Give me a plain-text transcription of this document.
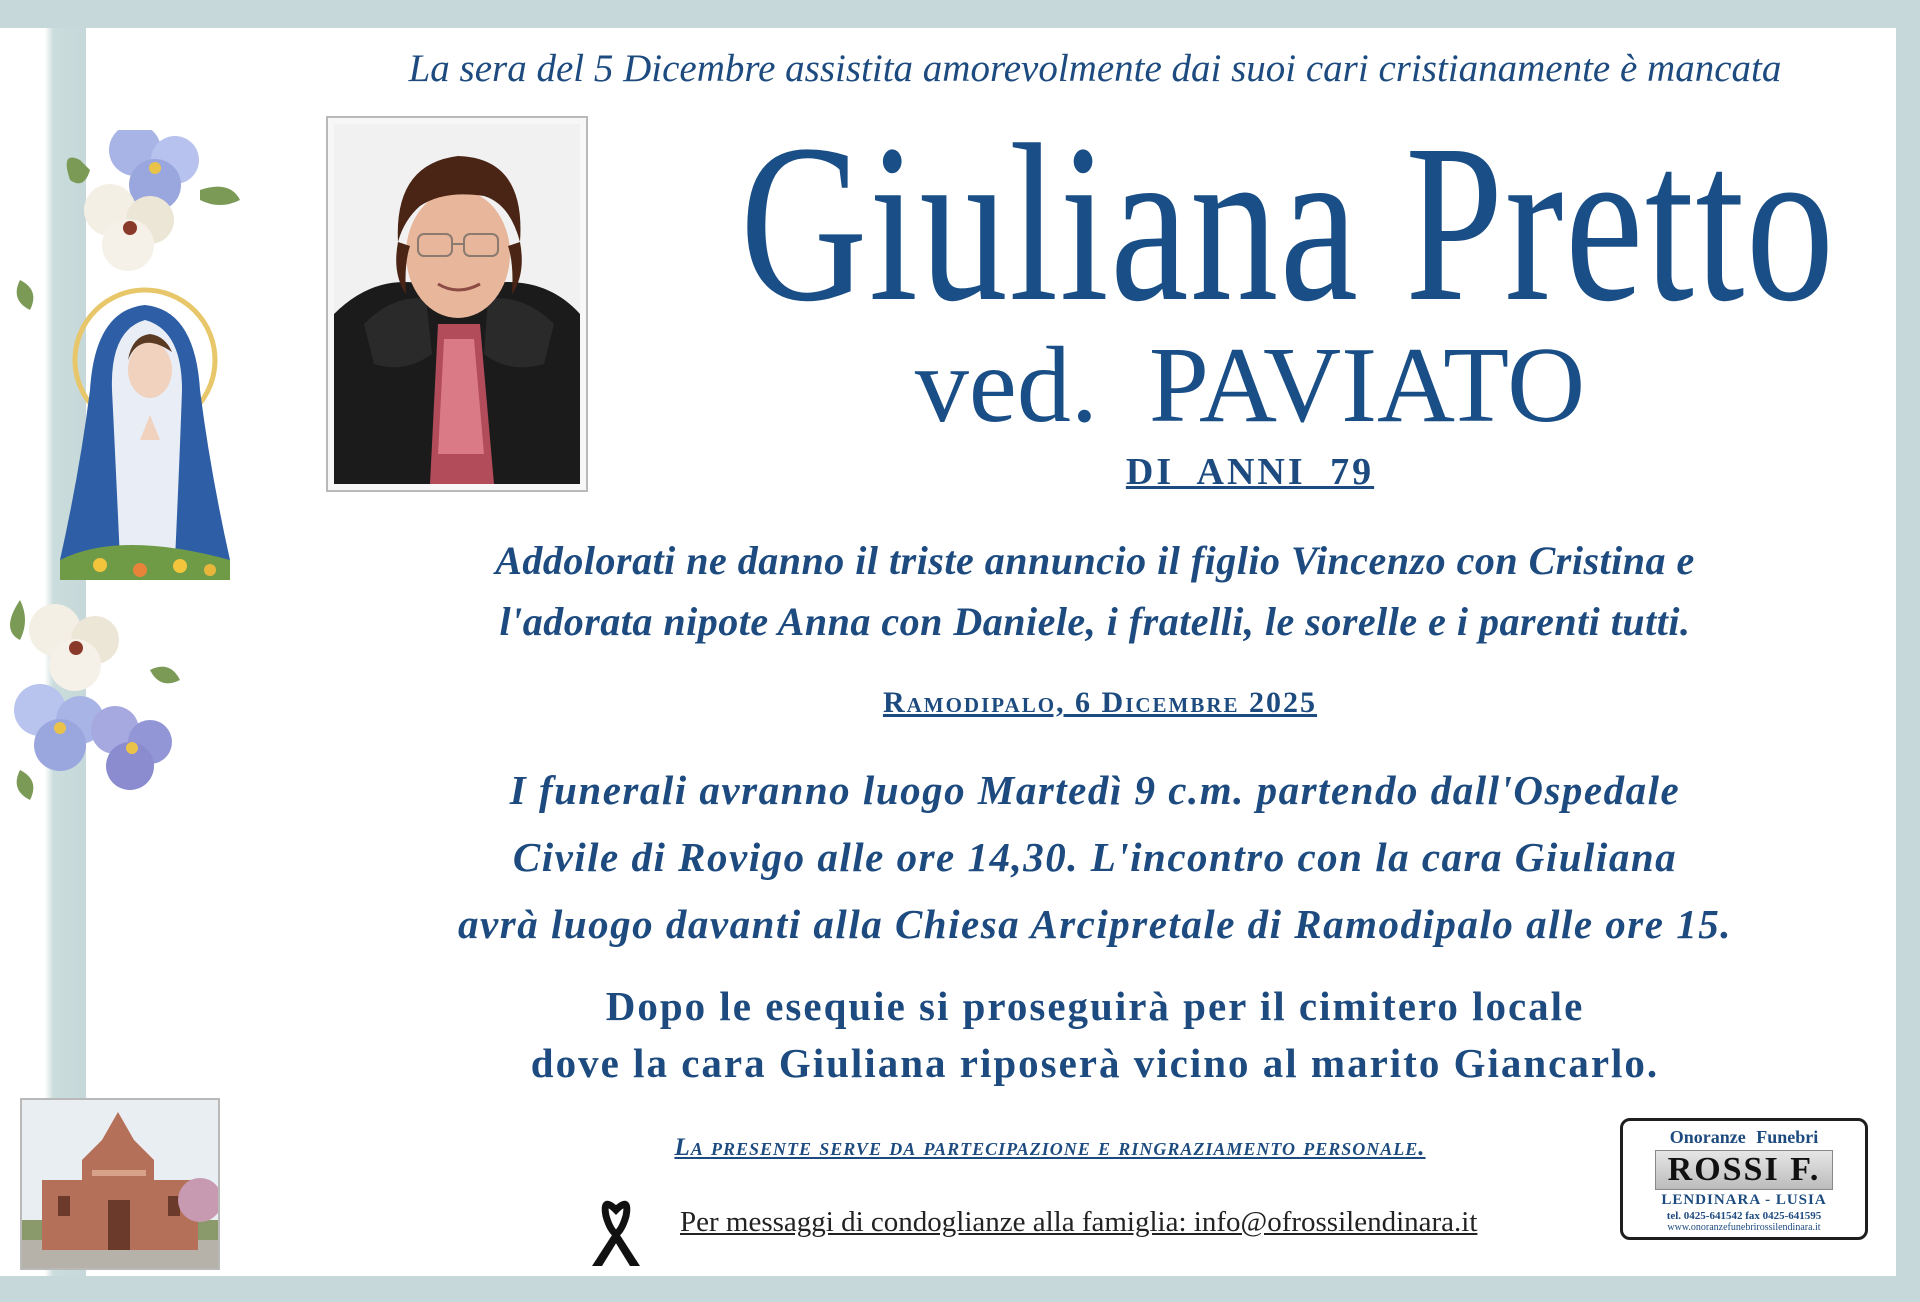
La sera del 5 Dicembre assistita amorevolmente dai suoi cari cristianamente è mancata
Giuliana Pretto
ved. PAVIATO
DI ANNI 79
Addolorati ne danno il triste annuncio il figlio Vincenzo con Cristina e
l'adorata nipote Anna con Daniele, i fratelli, le sorelle e i parenti tutti.
Ramodipalo, 6 Dicembre 2025
I funerali avranno luogo Martedì 9 c.m. partendo dall'Ospedale
Civile di Rovigo alle ore 14,30. L'incontro con la cara Giuliana
avrà luogo davanti alla Chiesa Arcipretale di Ramodipalo alle ore 15.
Dopo le esequie si proseguirà per il cimitero locale
dove la cara Giuliana riposerà vicino al marito Giancarlo.
La presente serve da partecipazione e ringraziamento personale.
Per messaggi di condoglianze alla famiglia: info@ofrossilendinara.it
Onoranze Funebri
ROSSI F.
LENDINARA - LUSIA
tel. 0425-641542 fax 0425-641595
www.onoranzefunebrirossilendinara.it
